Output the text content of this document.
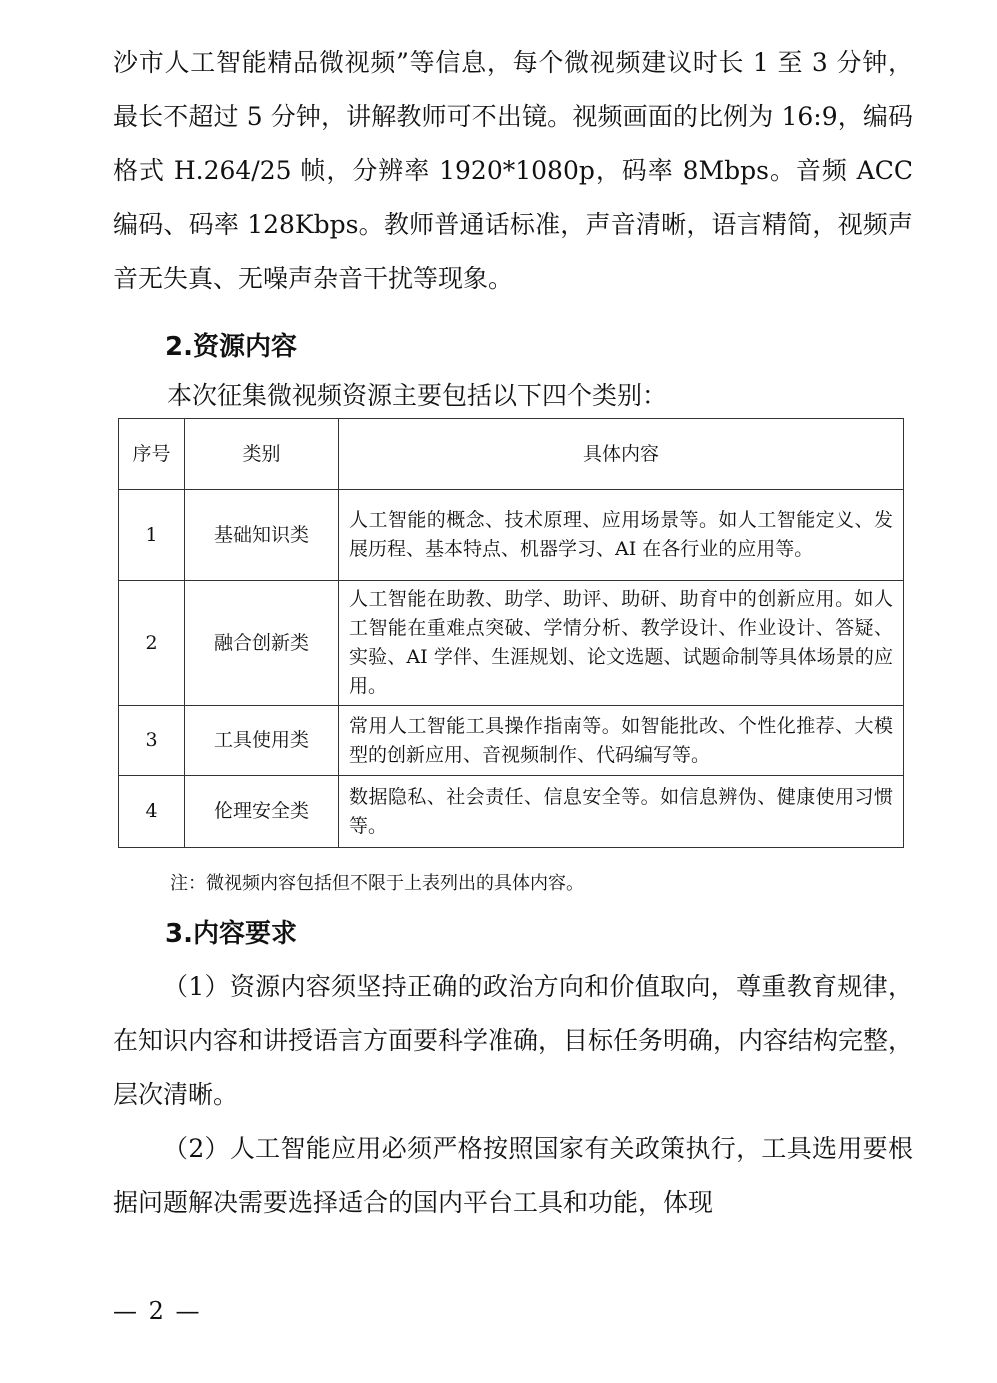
沙市人工智能精品微视频”等信息，每个微视频建议时长 1 至 3 分钟，最长不超过 5 分钟，讲解教师可不出镜。视频画面的比例为 16:9，编码格式 H.264/25 帧，分辨率 1920*1080p，码率 8Mbps。音频 ACC 编码、码率 128Kbps。教师普通话标准，声音清晰，语言精简，视频声音无失真、无噪声杂音干扰等现象。

2.资源内容

本次征集微视频资源主要包括以下四个类别：

序号	类别	具体内容
1	基础知识类	人工智能的概念、技术原理、应用场景等。如人工智能定义、发展历程、基本特点、机器学习、AI 在各行业的应用等。
2	融合创新类	人工智能在助教、助学、助评、助研、助育中的创新应用。如人工智能在重难点突破、学情分析、教学设计、作业设计、答疑、实验、AI 学伴、生涯规划、论文选题、试题命制等具体场景的应用。
3	工具使用类	常用人工智能工具操作指南等。如智能批改、个性化推荐、大模型的创新应用、音视频制作、代码编写等。
4	伦理安全类	数据隐私、社会责任、信息安全等。如信息辨伪、健康使用习惯等。

注：微视频内容包括但不限于上表列出的具体内容。

3.内容要求

（1）资源内容须坚持正确的政治方向和价值取向，尊重教育规律，在知识内容和讲授语言方面要科学准确，目标任务明确，内容结构完整，层次清晰。

（2）人工智能应用必须严格按照国家有关政策执行，工具选用要根据问题解决需要选择适合的国内平台工具和功能，体现

— 2 —
